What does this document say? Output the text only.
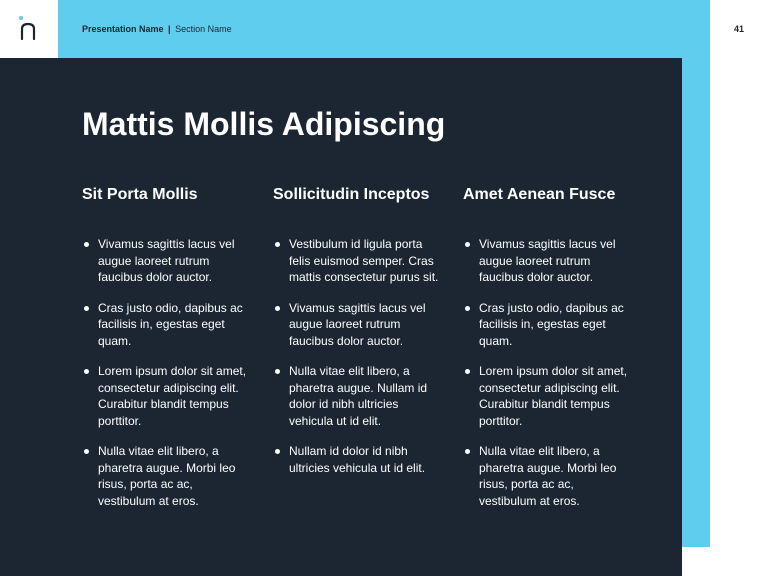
Presentation Name | Section Name	41
Mattis Mollis Adipiscing
Sit Porta Mollis
Vivamus sagittis lacus vel augue laoreet rutrum faucibus dolor auctor.
Cras justo odio, dapibus ac facilisis in, egestas eget quam.
Lorem ipsum dolor sit amet, consectetur adipiscing elit. Curabitur blandit tempus porttitor.
Nulla vitae elit libero, a pharetra augue. Morbi leo risus, porta ac ac, vestibulum at eros.
Sollicitudin Inceptos
Vestibulum id ligula porta felis euismod semper. Cras mattis consectetur purus sit.
Vivamus sagittis lacus vel augue laoreet rutrum faucibus dolor auctor.
Nulla vitae elit libero, a pharetra augue. Nullam id dolor id nibh ultricies vehicula ut id elit.
Nullam id dolor id nibh ultricies vehicula ut id elit.
Amet Aenean Fusce
Vivamus sagittis lacus vel augue laoreet rutrum faucibus dolor auctor.
Cras justo odio, dapibus ac facilisis in, egestas eget quam.
Lorem ipsum dolor sit amet, consectetur adipiscing elit. Curabitur blandit tempus porttitor.
Nulla vitae elit libero, a pharetra augue. Morbi leo risus, porta ac ac, vestibulum at eros.
